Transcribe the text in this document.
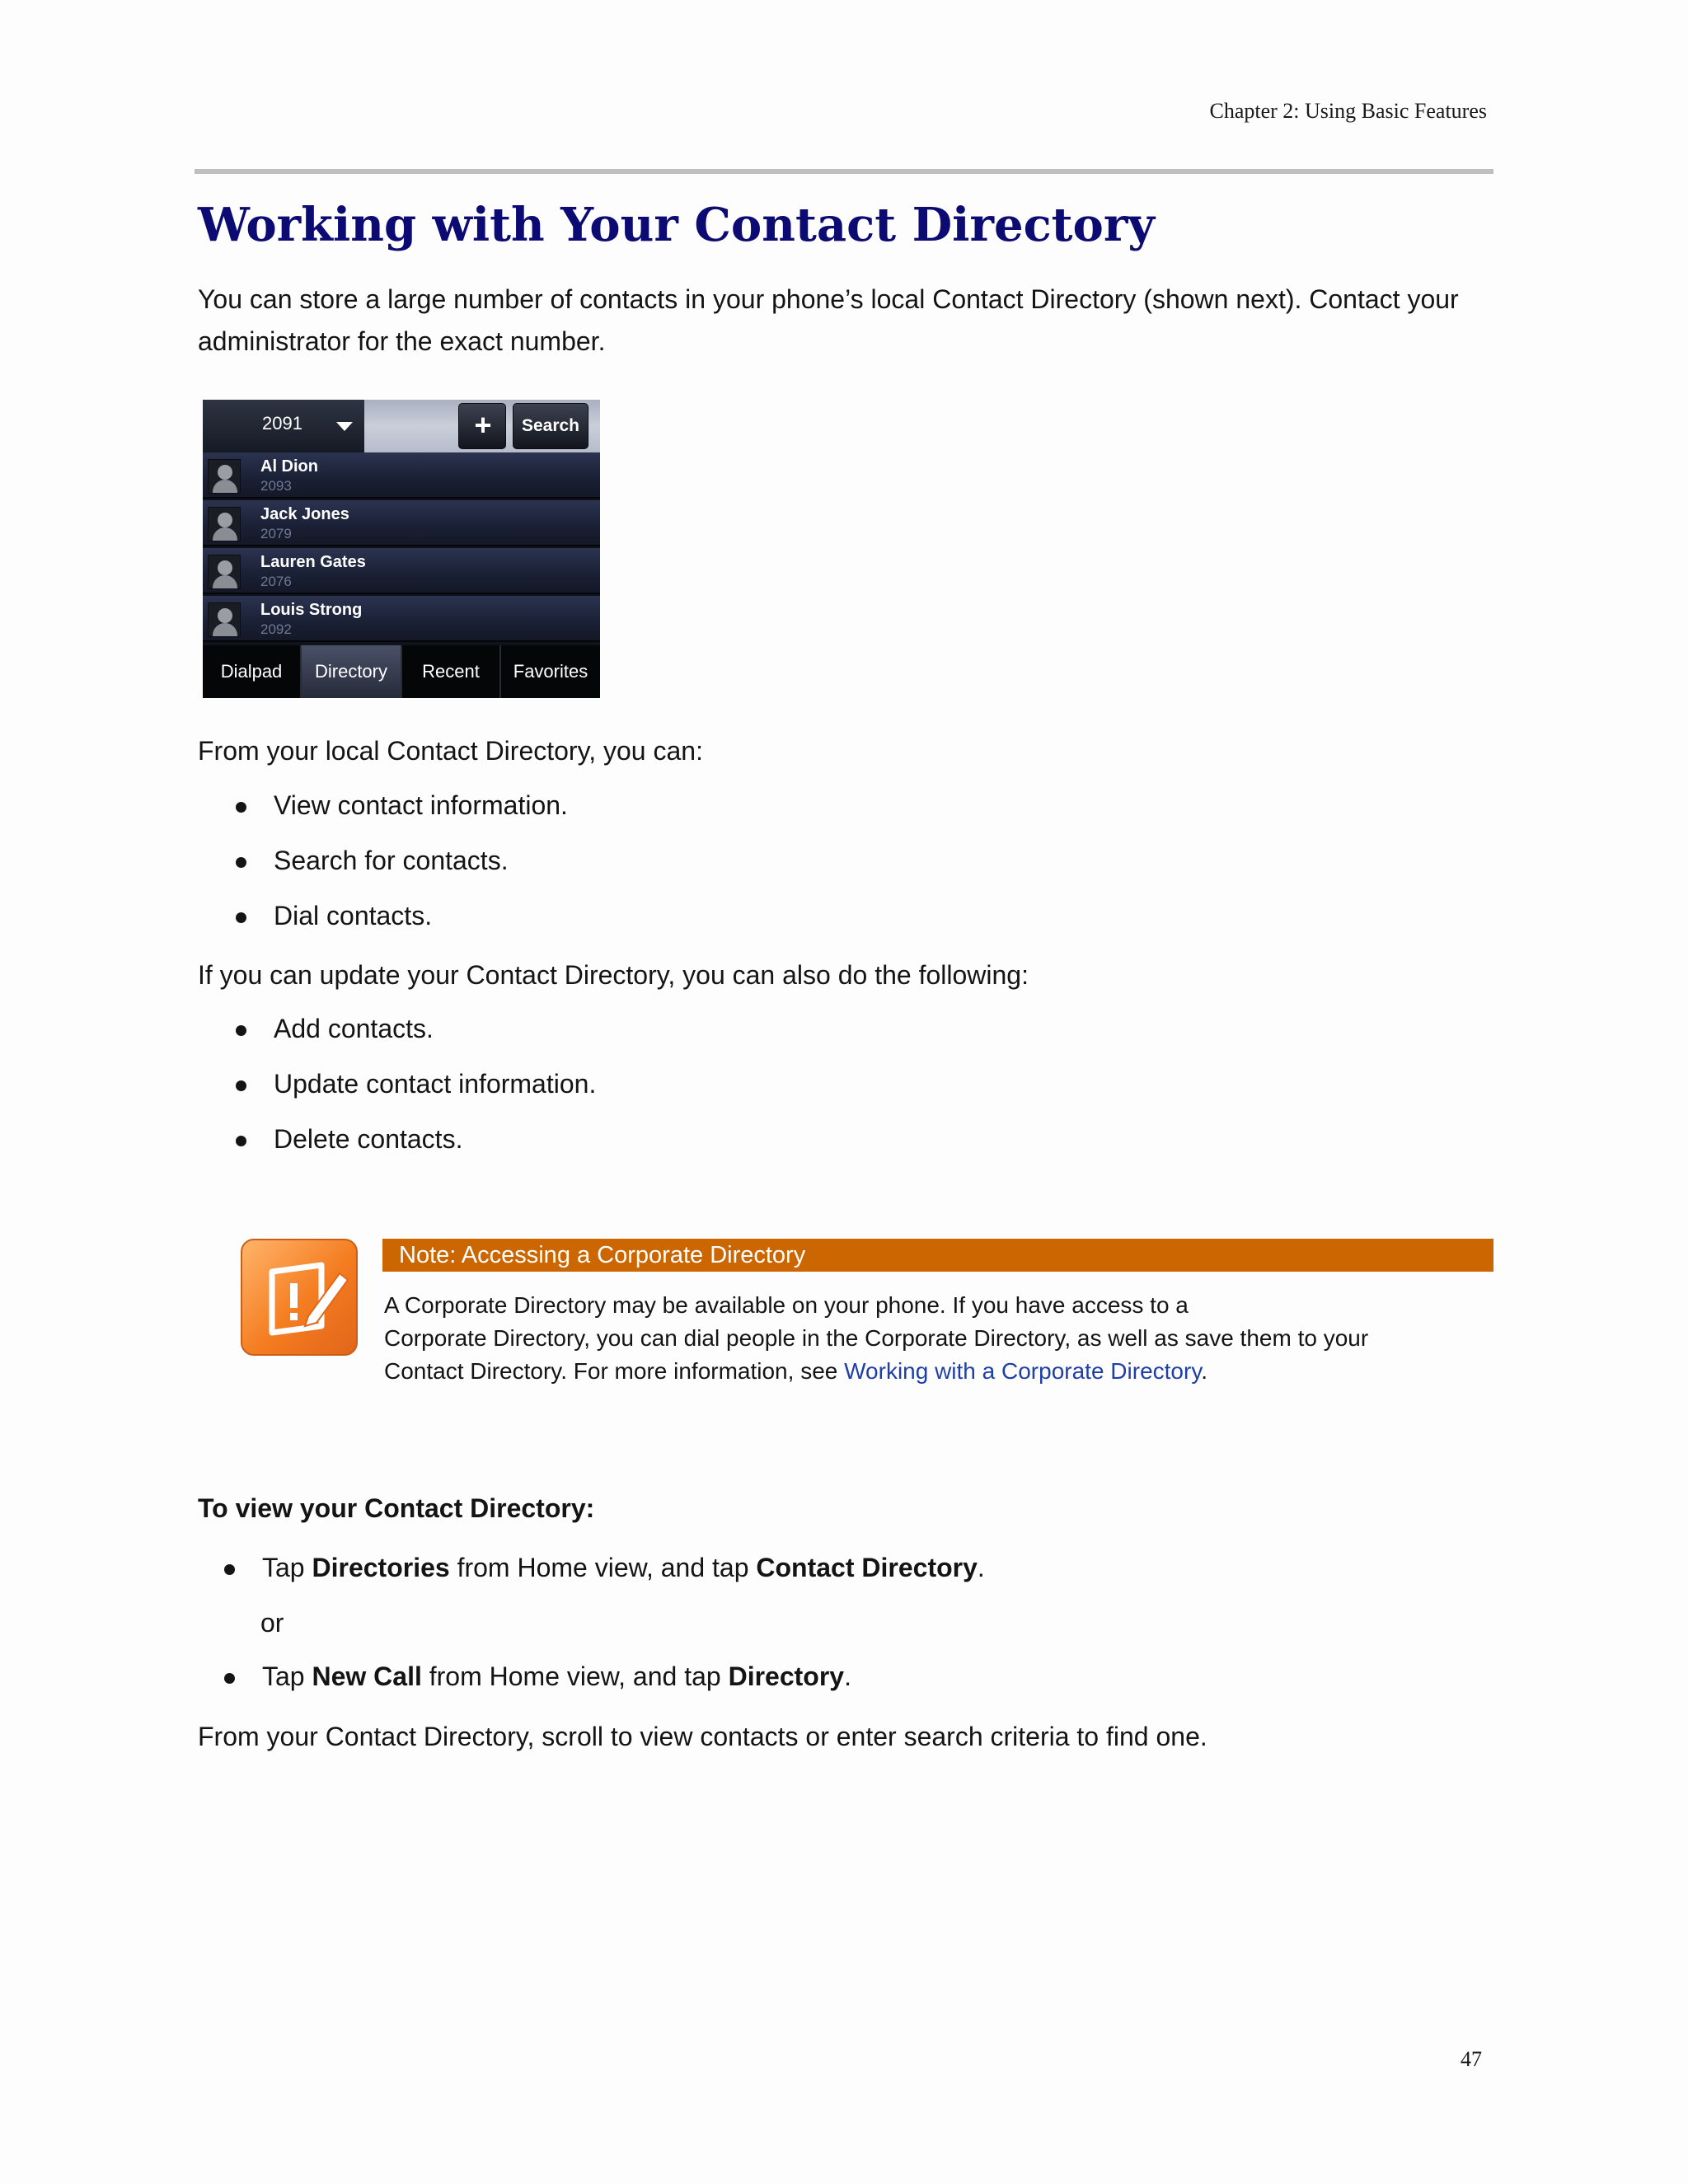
Chapter 2: Using Basic Features
Working with Your Contact Directory

You can store a large number of contacts in your phone’s local Contact Directory (shown next). Contact your administrator for the exact number.

2091	+	Search
Al Dion
2093
Jack Jones
2079
Lauren Gates
2076
Louis Strong
2092
Dialpad	Directory	Recent	Favorites

From your local Contact Directory, you can:

View contact information.
Search for contacts.
Dial contacts.

If you can update your Contact Directory, you can also do the following:

Add contacts.
Update contact information.
Delete contacts.
Note: Accessing a Corporate Directory
A Corporate Directory may be available on your phone. If you have access to a
Corporate Directory, you can dial people in the Corporate Directory, as well as save them to your
Contact Directory. For more information, see Working with a Corporate Directory.

To view your Contact Directory:

Tap Directories from Home view, and tap Contact Directory.

or

Tap New Call from Home view, and tap Directory.

From your Contact Directory, scroll to view contacts or enter search criteria to find one.

47
